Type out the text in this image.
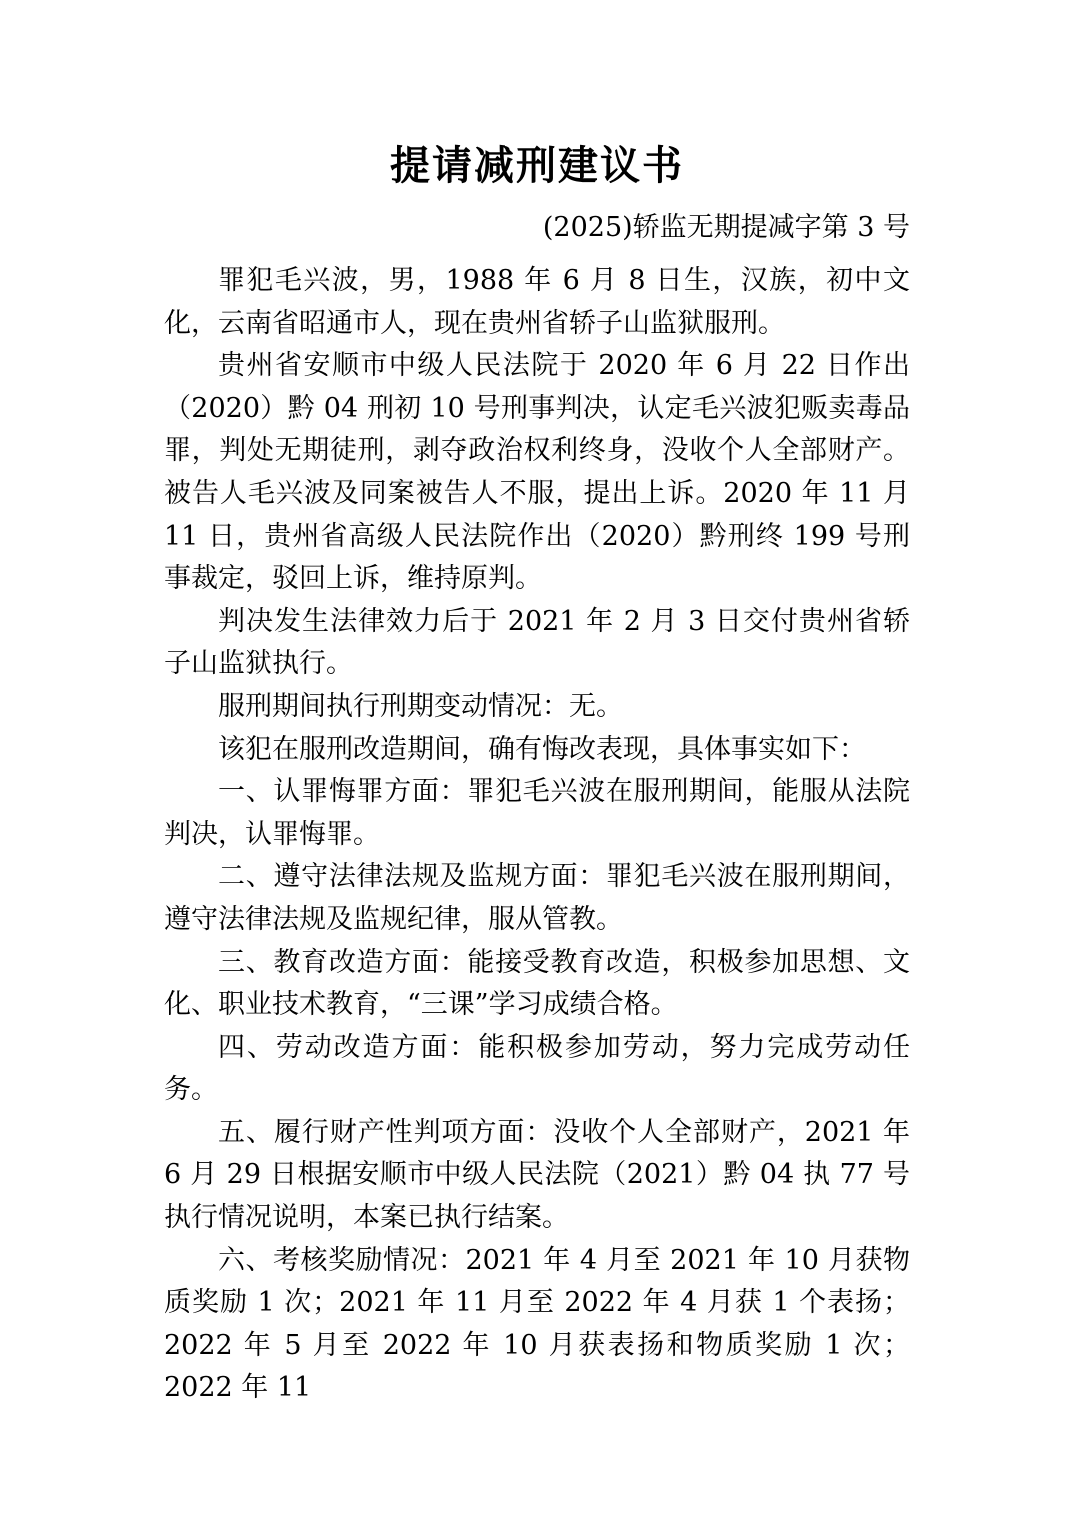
提请减刑建议书
(2025)轿监无期提减字第 3 号

罪犯毛兴波，男，1988 年 6 月 8 日生，汉族，初中文化，云南省昭通市人，现在贵州省轿子山监狱服刑。

贵州省安顺市中级人民法院于 2020 年 6 月 22 日作出（2020）黔 04 刑初 10 号刑事判决，认定毛兴波犯贩卖毒品罪，判处无期徒刑，剥夺政治权利终身，没收个人全部财产。被告人毛兴波及同案被告人不服，提出上诉。2020 年 11 月 11 日，贵州省高级人民法院作出（2020）黔刑终 199 号刑事裁定，驳回上诉，维持原判。

判决发生法律效力后于 2021 年 2 月 3 日交付贵州省轿子山监狱执行。

服刑期间执行刑期变动情况：无。

该犯在服刑改造期间，确有悔改表现，具体事实如下：

一、认罪悔罪方面：罪犯毛兴波在服刑期间，能服从法院判决，认罪悔罪。

二、遵守法律法规及监规方面：罪犯毛兴波在服刑期间，遵守法律法规及监规纪律，服从管教。

三、教育改造方面：能接受教育改造，积极参加思想、文化、职业技术教育，“三课”学习成绩合格。

四、劳动改造方面：能积极参加劳动，努力完成劳动任务。

五、履行财产性判项方面：没收个人全部财产，2021 年 6 月 29 日根据安顺市中级人民法院（2021）黔 04 执 77 号执行情况说明，本案已执行结案。

六、考核奖励情况：2021 年 4 月至 2021 年 10 月获物质奖励 1 次；2021 年 11 月至 2022 年 4 月获 1 个表扬；2022 年 5 月至 2022 年 10 月获表扬和物质奖励 1 次；2022 年 11
